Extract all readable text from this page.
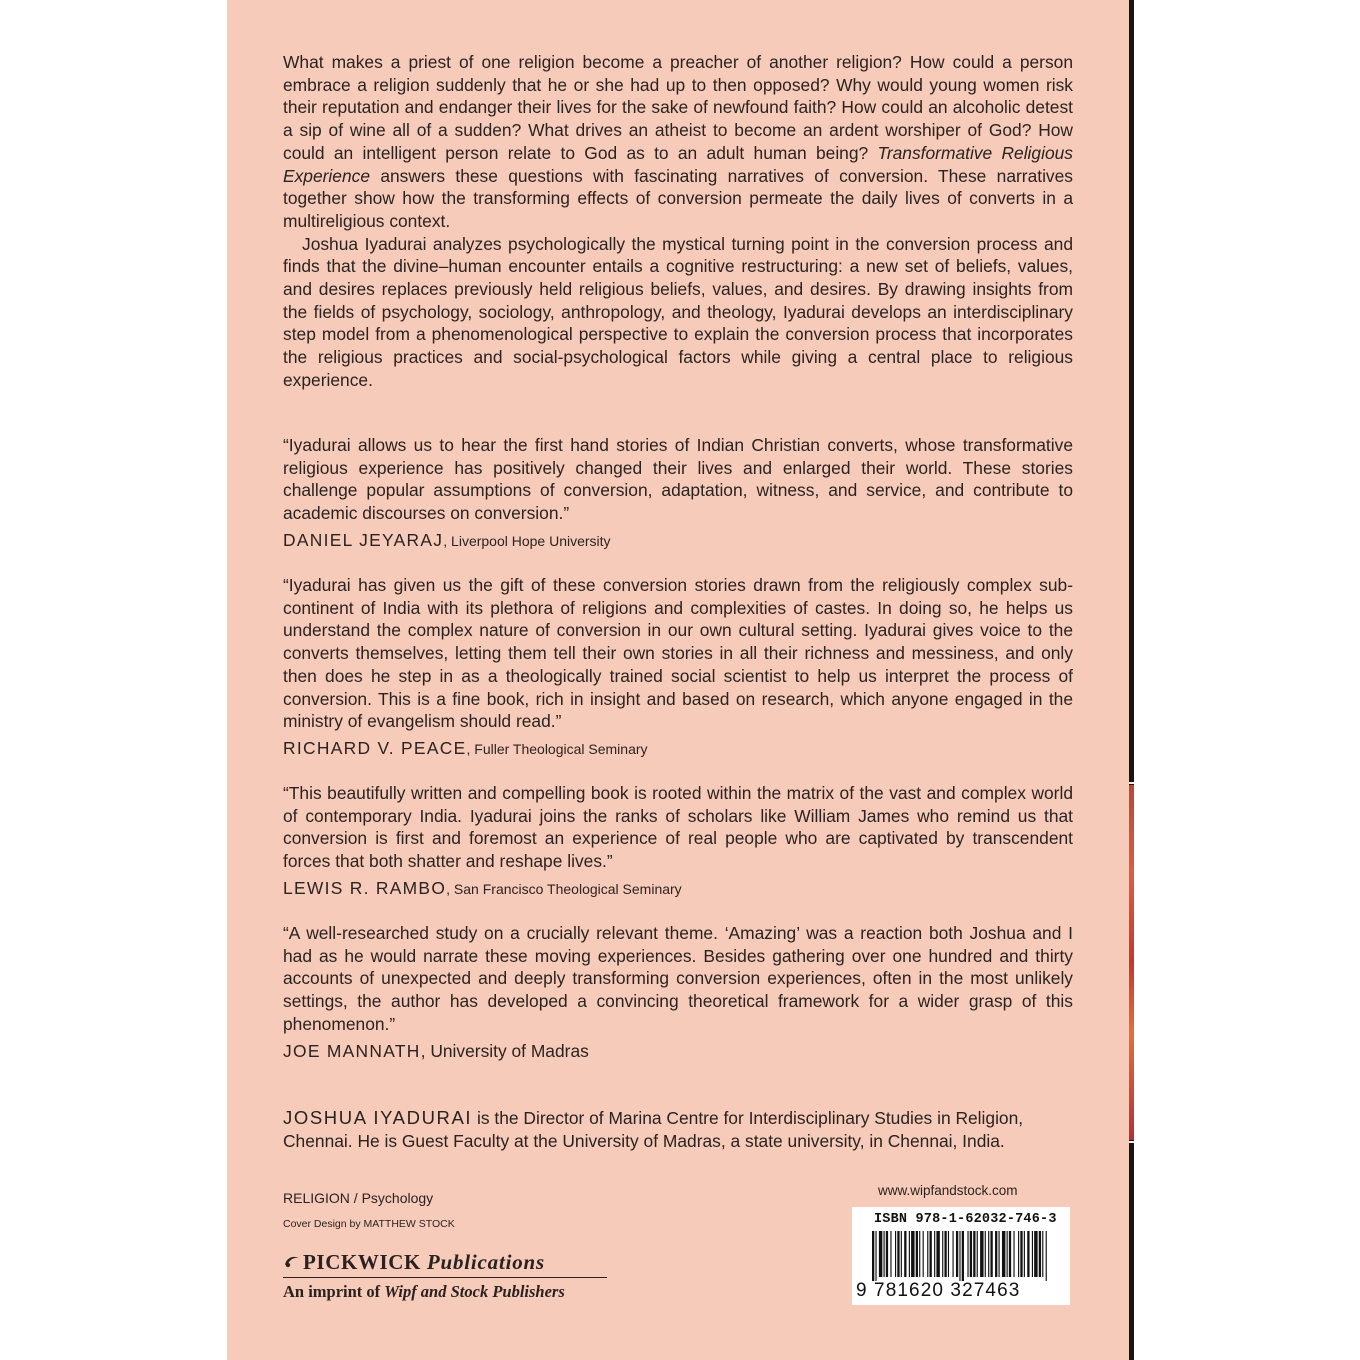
What makes a priest of one religion become a preacher of another religion? How could a person embrace a religion suddenly that he or she had up to then opposed? Why would young women risk their reputation and endanger their lives for the sake of newfound faith? How could an alcoholic detest a sip of wine all of a sudden? What drives an atheist to become an ardent worshiper of God? How could an intelligent person relate to God as to an adult human being? Transformative Religious Experience answers these questions with fascinating narratives of conversion. These narratives together show how the transforming effects of conversion permeate the daily lives of converts in a multireligious context.

Joshua Iyadurai analyzes psychologically the mystical turning point in the conversion process and finds that the divine–human encounter entails a cognitive restructuring: a new set of beliefs, values, and desires replaces previously held religious beliefs, values, and desires. By drawing insights from the fields of psychology, sociology, anthropology, and theology, Iyadurai develops an interdisciplinary step model from a phenomenological perspective to explain the conversion process that incorporates the religious practices and social-psychological factors while giving a central place to religious experience.

“Iyadurai allows us to hear the first hand stories of Indian Christian converts, whose transformative religious experience has positively changed their lives and enlarged their world. These stories challenge popular assumptions of conversion, adaptation, witness, and service, and contribute to academic discourses on conversion.”

DANIEL JEYARAJ, Liverpool Hope University

“Iyadurai has given us the gift of these conversion stories drawn from the religiously complex sub-continent of India with its plethora of religions and complexities of castes. In doing so, he helps us understand the complex nature of conversion in our own cultural setting. Iyadurai gives voice to the converts themselves, letting them tell their own stories in all their richness and messiness, and only then does he step in as a theologically trained social scientist to help us interpret the process of conversion. This is a fine book, rich in insight and based on research, which anyone engaged in the ministry of evangelism should read.”

RICHARD V. PEACE, Fuller Theological Seminary

“This beautifully written and compelling book is rooted within the matrix of the vast and complex world of contemporary India. Iyadurai joins the ranks of scholars like William James who remind us that conversion is first and foremost an experience of real people who are captivated by transcendent forces that both shatter and reshape lives.”

LEWIS R. RAMBO, San Francisco Theological Seminary

“A well-researched study on a crucially relevant theme. ‘Amazing’ was a reaction both Joshua and I had as he would narrate these moving experiences. Besides gathering over one hundred and thirty accounts of unexpected and deeply transforming conversion experiences, often in the most unlikely settings, the author has developed a convincing theoretical framework for a wider grasp of this phenomenon.”

JOE MANNATH, University of Madras
JOSHUA IYADURAI is the Director of Marina Centre for Interdisciplinary Studies in Religion, Chennai. He is Guest Faculty at the University of Madras, a state university, in Chennai, India.
RELIGION / Psychology
Cover Design by MATTHEW STOCK
PICKWICK Publications
An imprint of Wipf and Stock Publishers
www.wipfandstock.com
ISBN 978-1-62032-746-3
9 781620 327463
